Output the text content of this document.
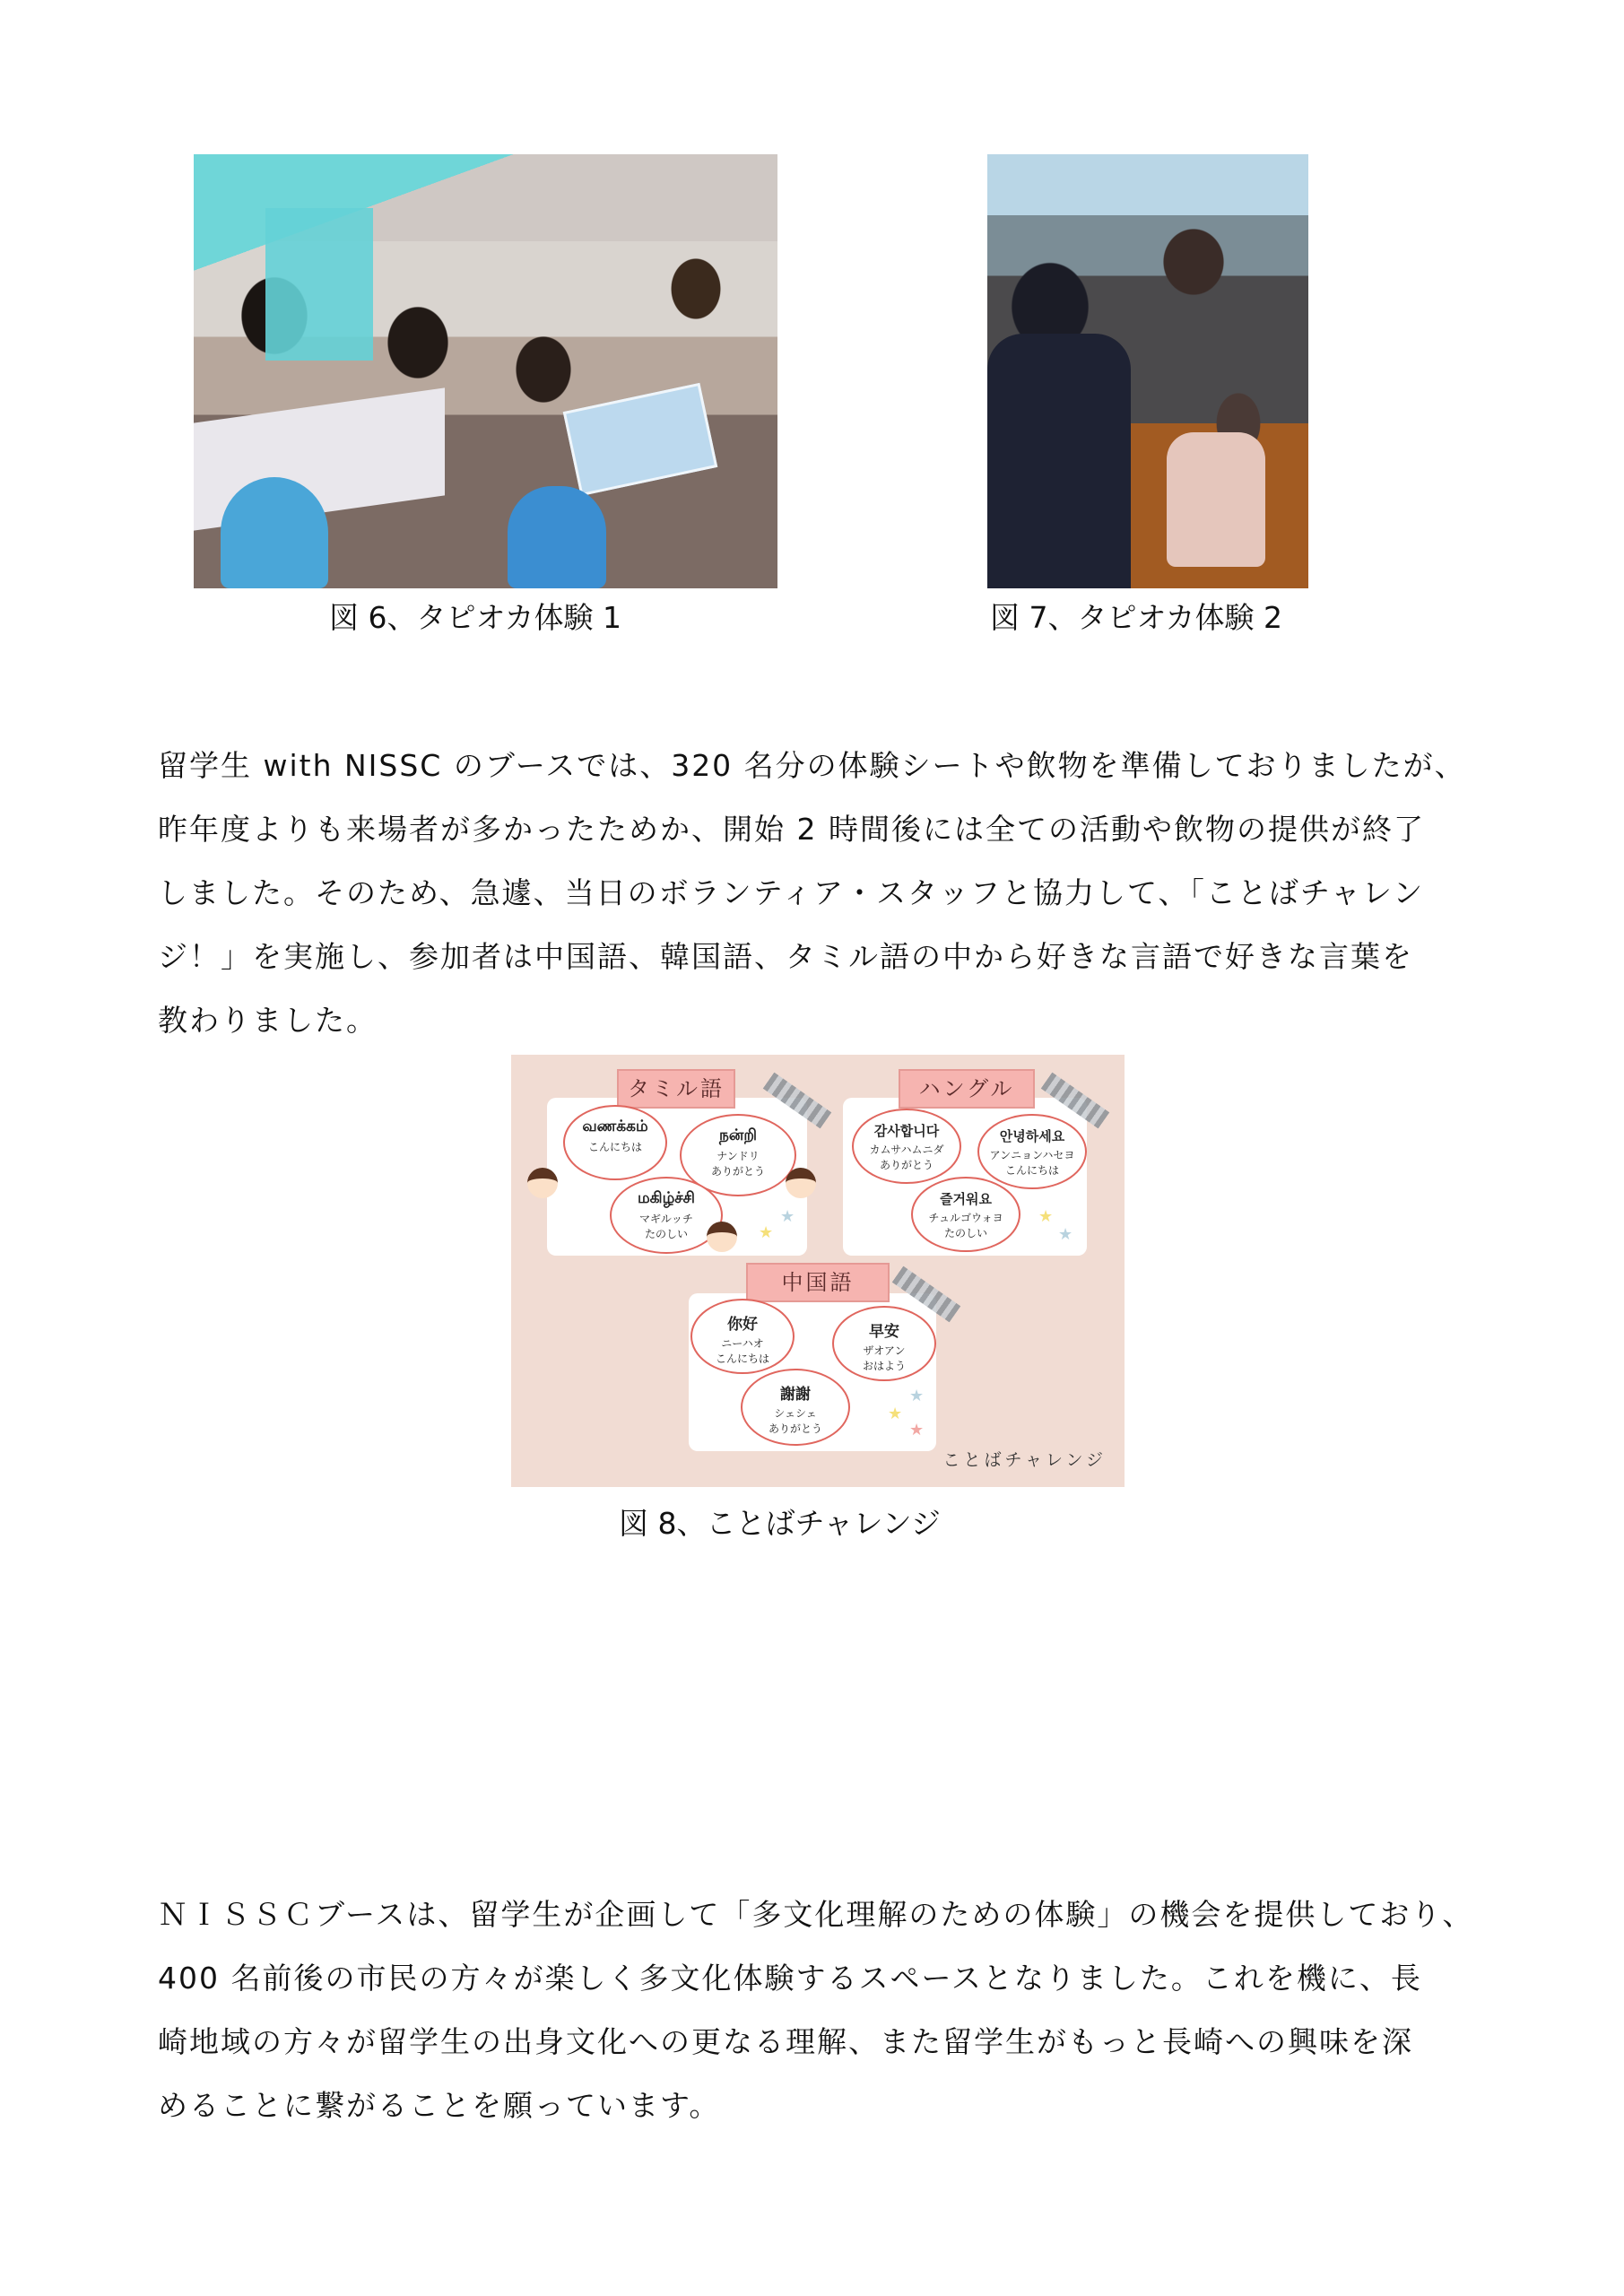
図 6、タピオカ体験 1	図 7、タピオカ体験 2
留学生 with NISSC のブースでは、320 名分の体験シートや飲物を準備しておりましたが、
昨年度よりも来場者が多かったためか、開始 2 時間後には全ての活動や飲物の提供が終了
しました。そのため、急遽、当日のボランティア・スタッフと協力して、「ことばチャレン
ジ！」を実施し、参加者は中国語、韓国語、タミル語の中から好きな言語で好きな言葉を
教わりました。
タミル語
வணக்கம்
こんにちは
நன்றி
ナンドリ
ありがとう
மகிழ்ச்சி
マギルッチ
たのしい	★
★
ハングル
감사합니다
カムサハムニダ
ありがとう
안녕하세요
アンニョンハセヨ
こんにちは
즐거워요
チュルゴウォヨ
たのしい
★
★
中国語
你好
ニーハオ
こんにちは
早安
ザオアン
おはよう
謝謝
シェシェ
ありがとう
★
★
★
ことばチャレンジ
図 8、ことばチャレンジ
ＮＩＳＳＣブースは、留学生が企画して「多文化理解のための体験」の機会を提供しており、
400 名前後の市民の方々が楽しく多文化体験するスペースとなりました。これを機に、長
崎地域の方々が留学生の出身文化への更なる理解、また留学生がもっと長崎への興味を深
めることに繋がることを願っています。
